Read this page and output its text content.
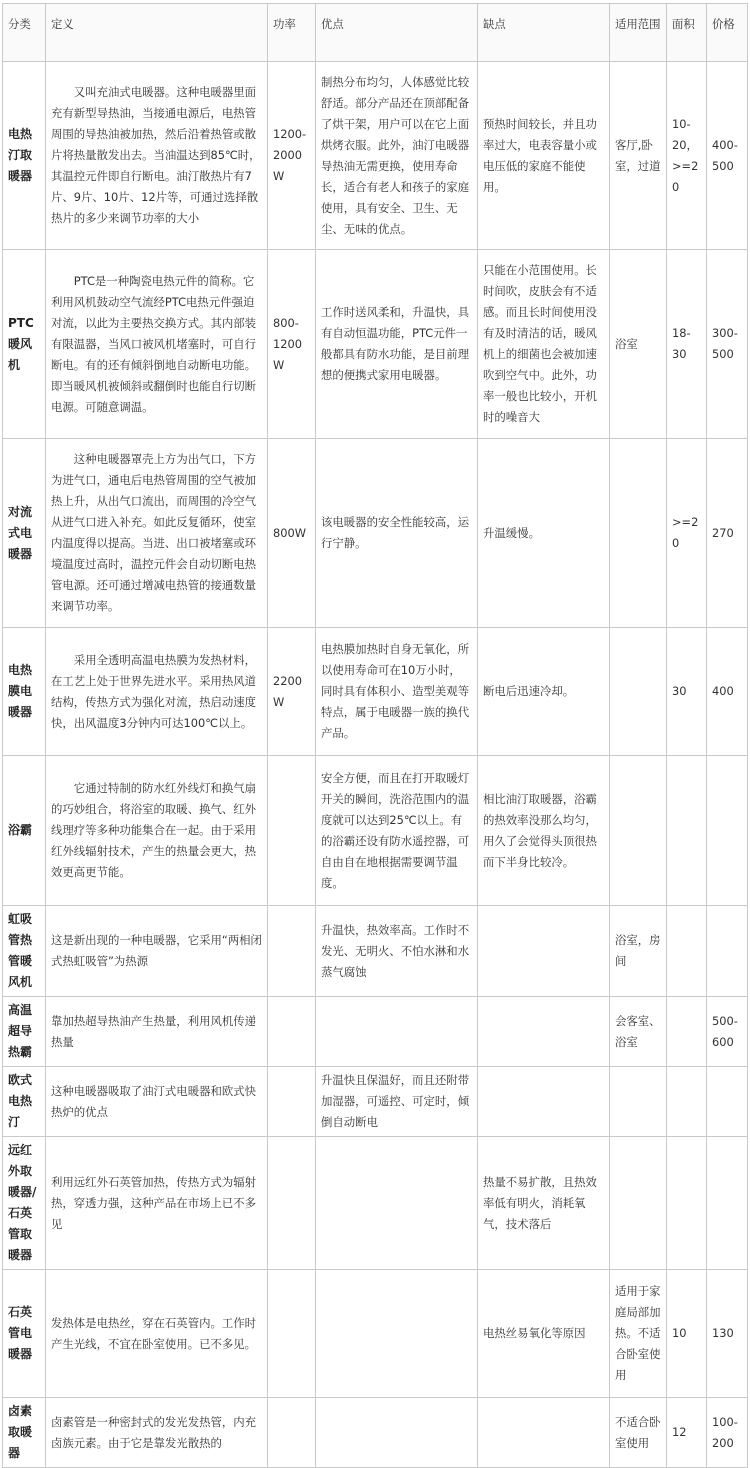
分类	定义	功率	优点	缺点	适用范围	面积	价格
电热汀取暖器	又叫充油式电暖器。这种电暖器里面充有新型导热油，当接通电源后，电热管周围的导热油被加热，然后沿着热管或散片将热量散发出去。当油温达到85℃时，其温控元件即自行断电。油汀散热片有7片、9片、10片、12片等，可通过选择散热片的多少来调节功率的大小	1200-2000W	制热分布均匀，人体感觉比较舒适。部分产品还在顶部配备了烘干架，用户可以在它上面烘烤衣服。此外，油汀电暖器导热油无需更换，使用寿命长，适合有老人和孩子的家庭使用，具有安全、卫生、无尘、无味的优点。	预热时间较长，并且功率过大，电表容量小或电压低的家庭不能使用。	客厅,卧室，过道	10-20，>=20	400-500
PTC暖风机	PTC是一种陶瓷电热元件的简称。它利用风机鼓动空气流经PTC电热元件强迫对流，以此为主要热交换方式。其内部装有限温器，当风口被风机堵塞时，可自行断电。有的还有倾斜倒地自动断电功能。即当暖风机被倾斜或翻倒时也能自行切断电源。可随意调温。	800-1200W	工作时送风柔和，升温快，具有自动恒温功能，PTC元件一般都具有防水功能，是目前理想的便携式家用电暖器。	只能在小范围使用。长时间吹，皮肤会有不适感。而且长时间使用没有及时清洁的话，暖风机上的细菌也会被加速吹到空气中。此外，功率一般也比较小，开机时的噪音大	浴室	18-30	300-500
对流式电暖器	这种电暖器罩壳上方为出气口，下方为进气口，通电后电热管周围的空气被加热上升，从出气口流出，而周围的冷空气从进气口进入补充。如此反复循环，使室内温度得以提高。当进、出口被堵塞或环境温度过高时，温控元件会自动切断电热管电源。还可通过增减电热管的接通数量来调节功率。	800W	该电暖器的安全性能较高，运行宁静。	升温缓慢。		>=20	270
电热膜电暖器	采用全透明高温电热膜为发热材料，在工艺上处于世界先进水平。采用热风道结构，传热方式为强化对流，热启动速度快，出风温度3分钟内可达100℃以上。	2200W	电热膜加热时自身无氧化，所以使用寿命可在10万小时，同时具有体积小、造型美观等特点，属于电暖器一族的换代产品。	断电后迅速冷却。		30	400
浴霸	它通过特制的防水红外线灯和换气扇的巧妙组合，将浴室的取暖、换气、红外线理疗等多种功能集合在一起。由于采用红外线辐射技术，产生的热量会更大，热效更高更节能。		安全方便，而且在打开取暖灯开关的瞬间，洗浴范围内的温度就可以达到25℃以上。有的浴霸还设有防水遥控器，可自由自在地根据需要调节温度。	相比油汀取暖器，浴霸的热效率没那么均匀，用久了会觉得头顶很热而下半身比较冷。			
虹吸管热管暖风机	这是新出现的一种电暖器，它采用“两相闭式热虹吸管”为热源		升温快，热效率高。工作时不发光、无明火、不怕水淋和水蒸气腐蚀		浴室，房间		
高温超导热霸	靠加热超导热油产生热量，利用风机传递热量				会客室、浴室		500-600
欧式电热汀	这种电暖器吸取了油汀式电暖器和欧式快热炉的优点		升温快且保温好，而且还附带加湿器，可遥控、可定时，倾倒自动断电				
远红外取暖器/石英管取暖器	利用远红外石英管加热，传热方式为辐射热，穿透力强，这种产品在市场上已不多见			热量不易扩散，且热效率低有明火，消耗氧气，技术落后			
石英管电暖器	发热体是电热丝，穿在石英管内。工作时产生光线，不宜在卧室使用。已不多见。			电热丝易氧化等原因	适用于家庭局部加热。不适合卧室使用	10	130
卤素取暖器	卤素管是一种密封式的发光发热管，内充卤族元素。由于它是靠发光散热的				不适合卧室使用	12	100-200
